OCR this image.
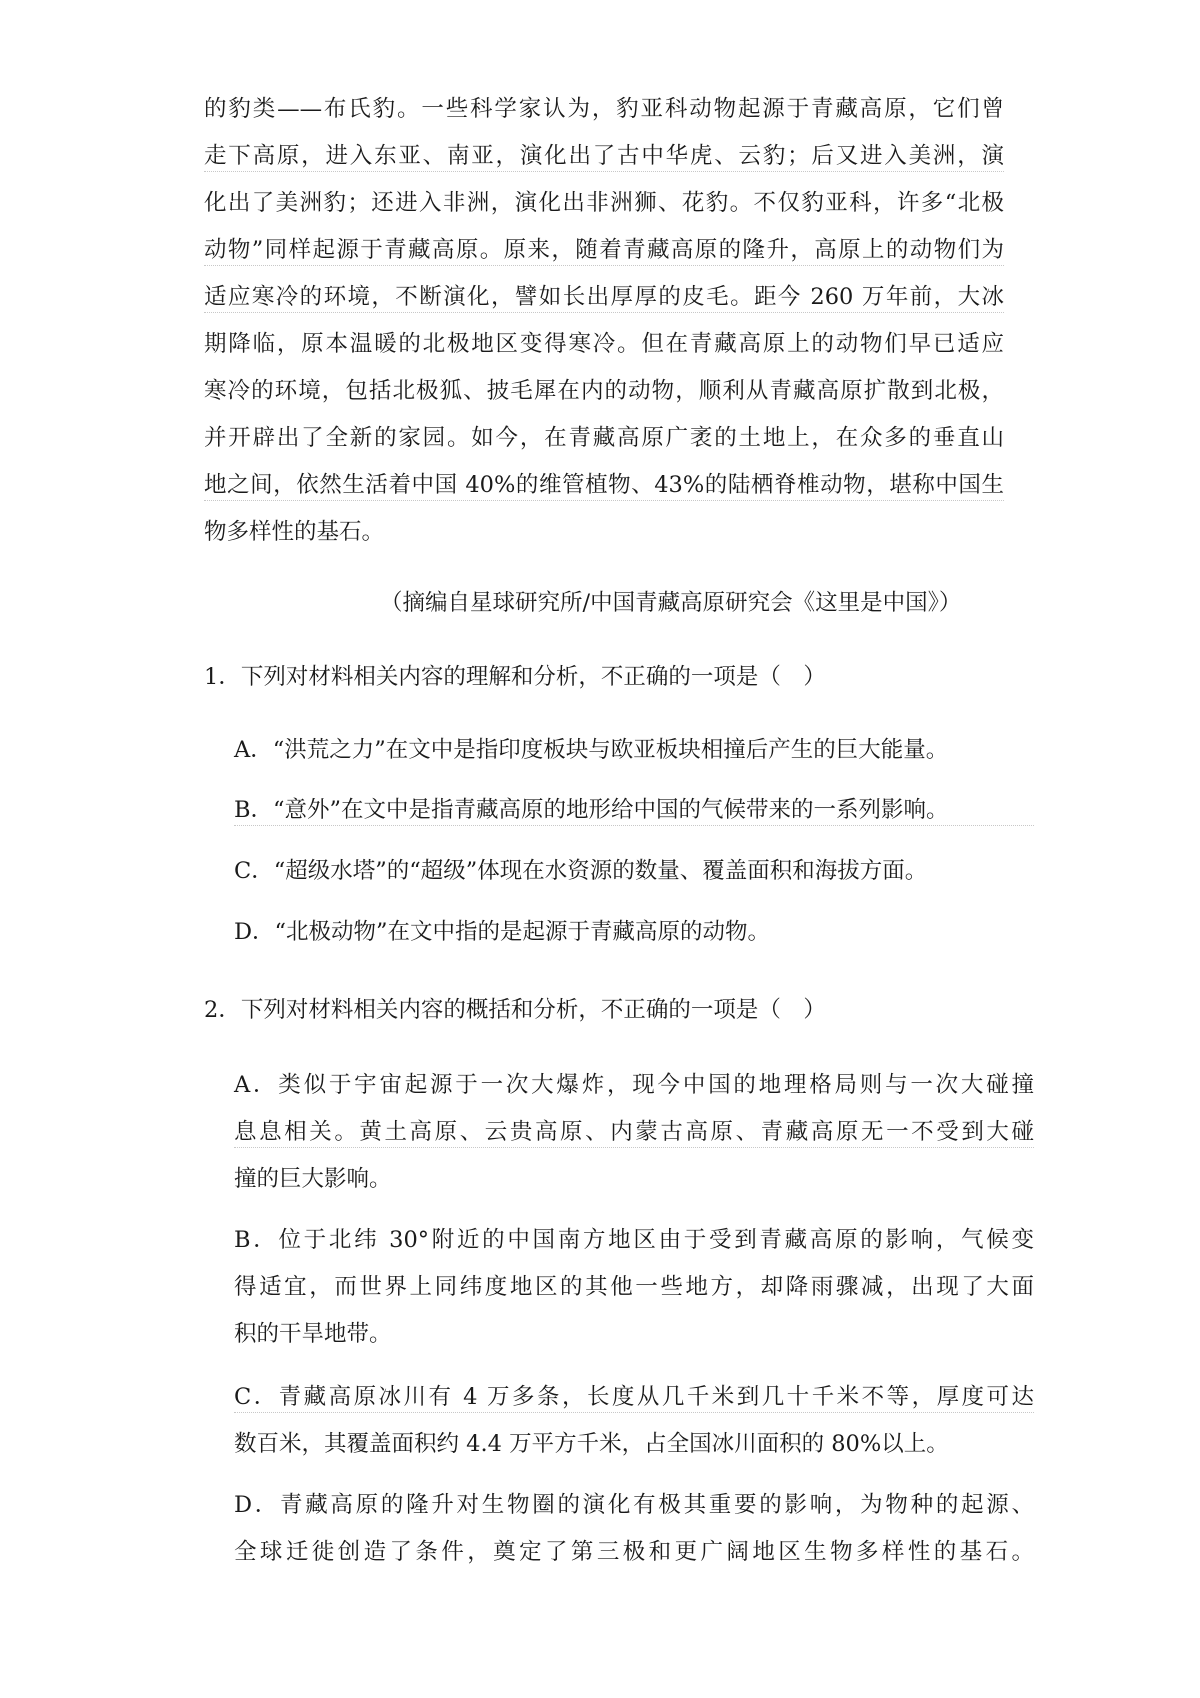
的豹类——布氏豹。一些科学家认为，豹亚科动物起源于青藏高原，它们曾
走下高原，进入东亚、南亚，演化出了古中华虎、云豹；后又进入美洲，演
化出了美洲豹；还进入非洲，演化出非洲狮、花豹。不仅豹亚科，许多“北极
动物”同样起源于青藏高原。原来，随着青藏高原的隆升，高原上的动物们为
适应寒冷的环境，不断演化，譬如长出厚厚的皮毛。距今 260 万年前，大冰
期降临，原本温暖的北极地区变得寒冷。但在青藏高原上的动物们早已适应
寒冷的环境，包括北极狐、披毛犀在内的动物，顺利从青藏高原扩散到北极，
并开辟出了全新的家园。如今，在青藏高原广袤的土地上，在众多的垂直山
地之间，依然生活着中国 40%的维管植物、43%的陆栖脊椎动物，堪称中国生
物多样性的基石。
（摘编自星球研究所/中国青藏高原研究会《这里是中国》）
1．下列对材料相关内容的理解和分析，不正确的一项是（　）
A．“洪荒之力”在文中是指印度板块与欧亚板块相撞后产生的巨大能量。
B．“意外”在文中是指青藏高原的地形给中国的气候带来的一系列影响。
C．“超级水塔”的“超级”体现在水资源的数量、覆盖面积和海拔方面。
D．“北极动物”在文中指的是起源于青藏高原的动物。
2．下列对材料相关内容的概括和分析，不正确的一项是（　）
A．类似于宇宙起源于一次大爆炸，现今中国的地理格局则与一次大碰撞
息息相关。黄土高原、云贵高原、内蒙古高原、青藏高原无一不受到大碰
撞的巨大影响。
B．位于北纬 30°附近的中国南方地区由于受到青藏高原的影响，气候变
得适宜，而世界上同纬度地区的其他一些地方，却降雨骤减，出现了大面
积的干旱地带。
C．青藏高原冰川有 4 万多条，长度从几千米到几十千米不等，厚度可达
数百米，其覆盖面积约 4.4 万平方千米，占全国冰川面积的 80%以上。
D．青藏高原的隆升对生物圈的演化有极其重要的影响，为物种的起源、
全球迁徙创造了条件，奠定了第三极和更广阔地区生物多样性的基石。
